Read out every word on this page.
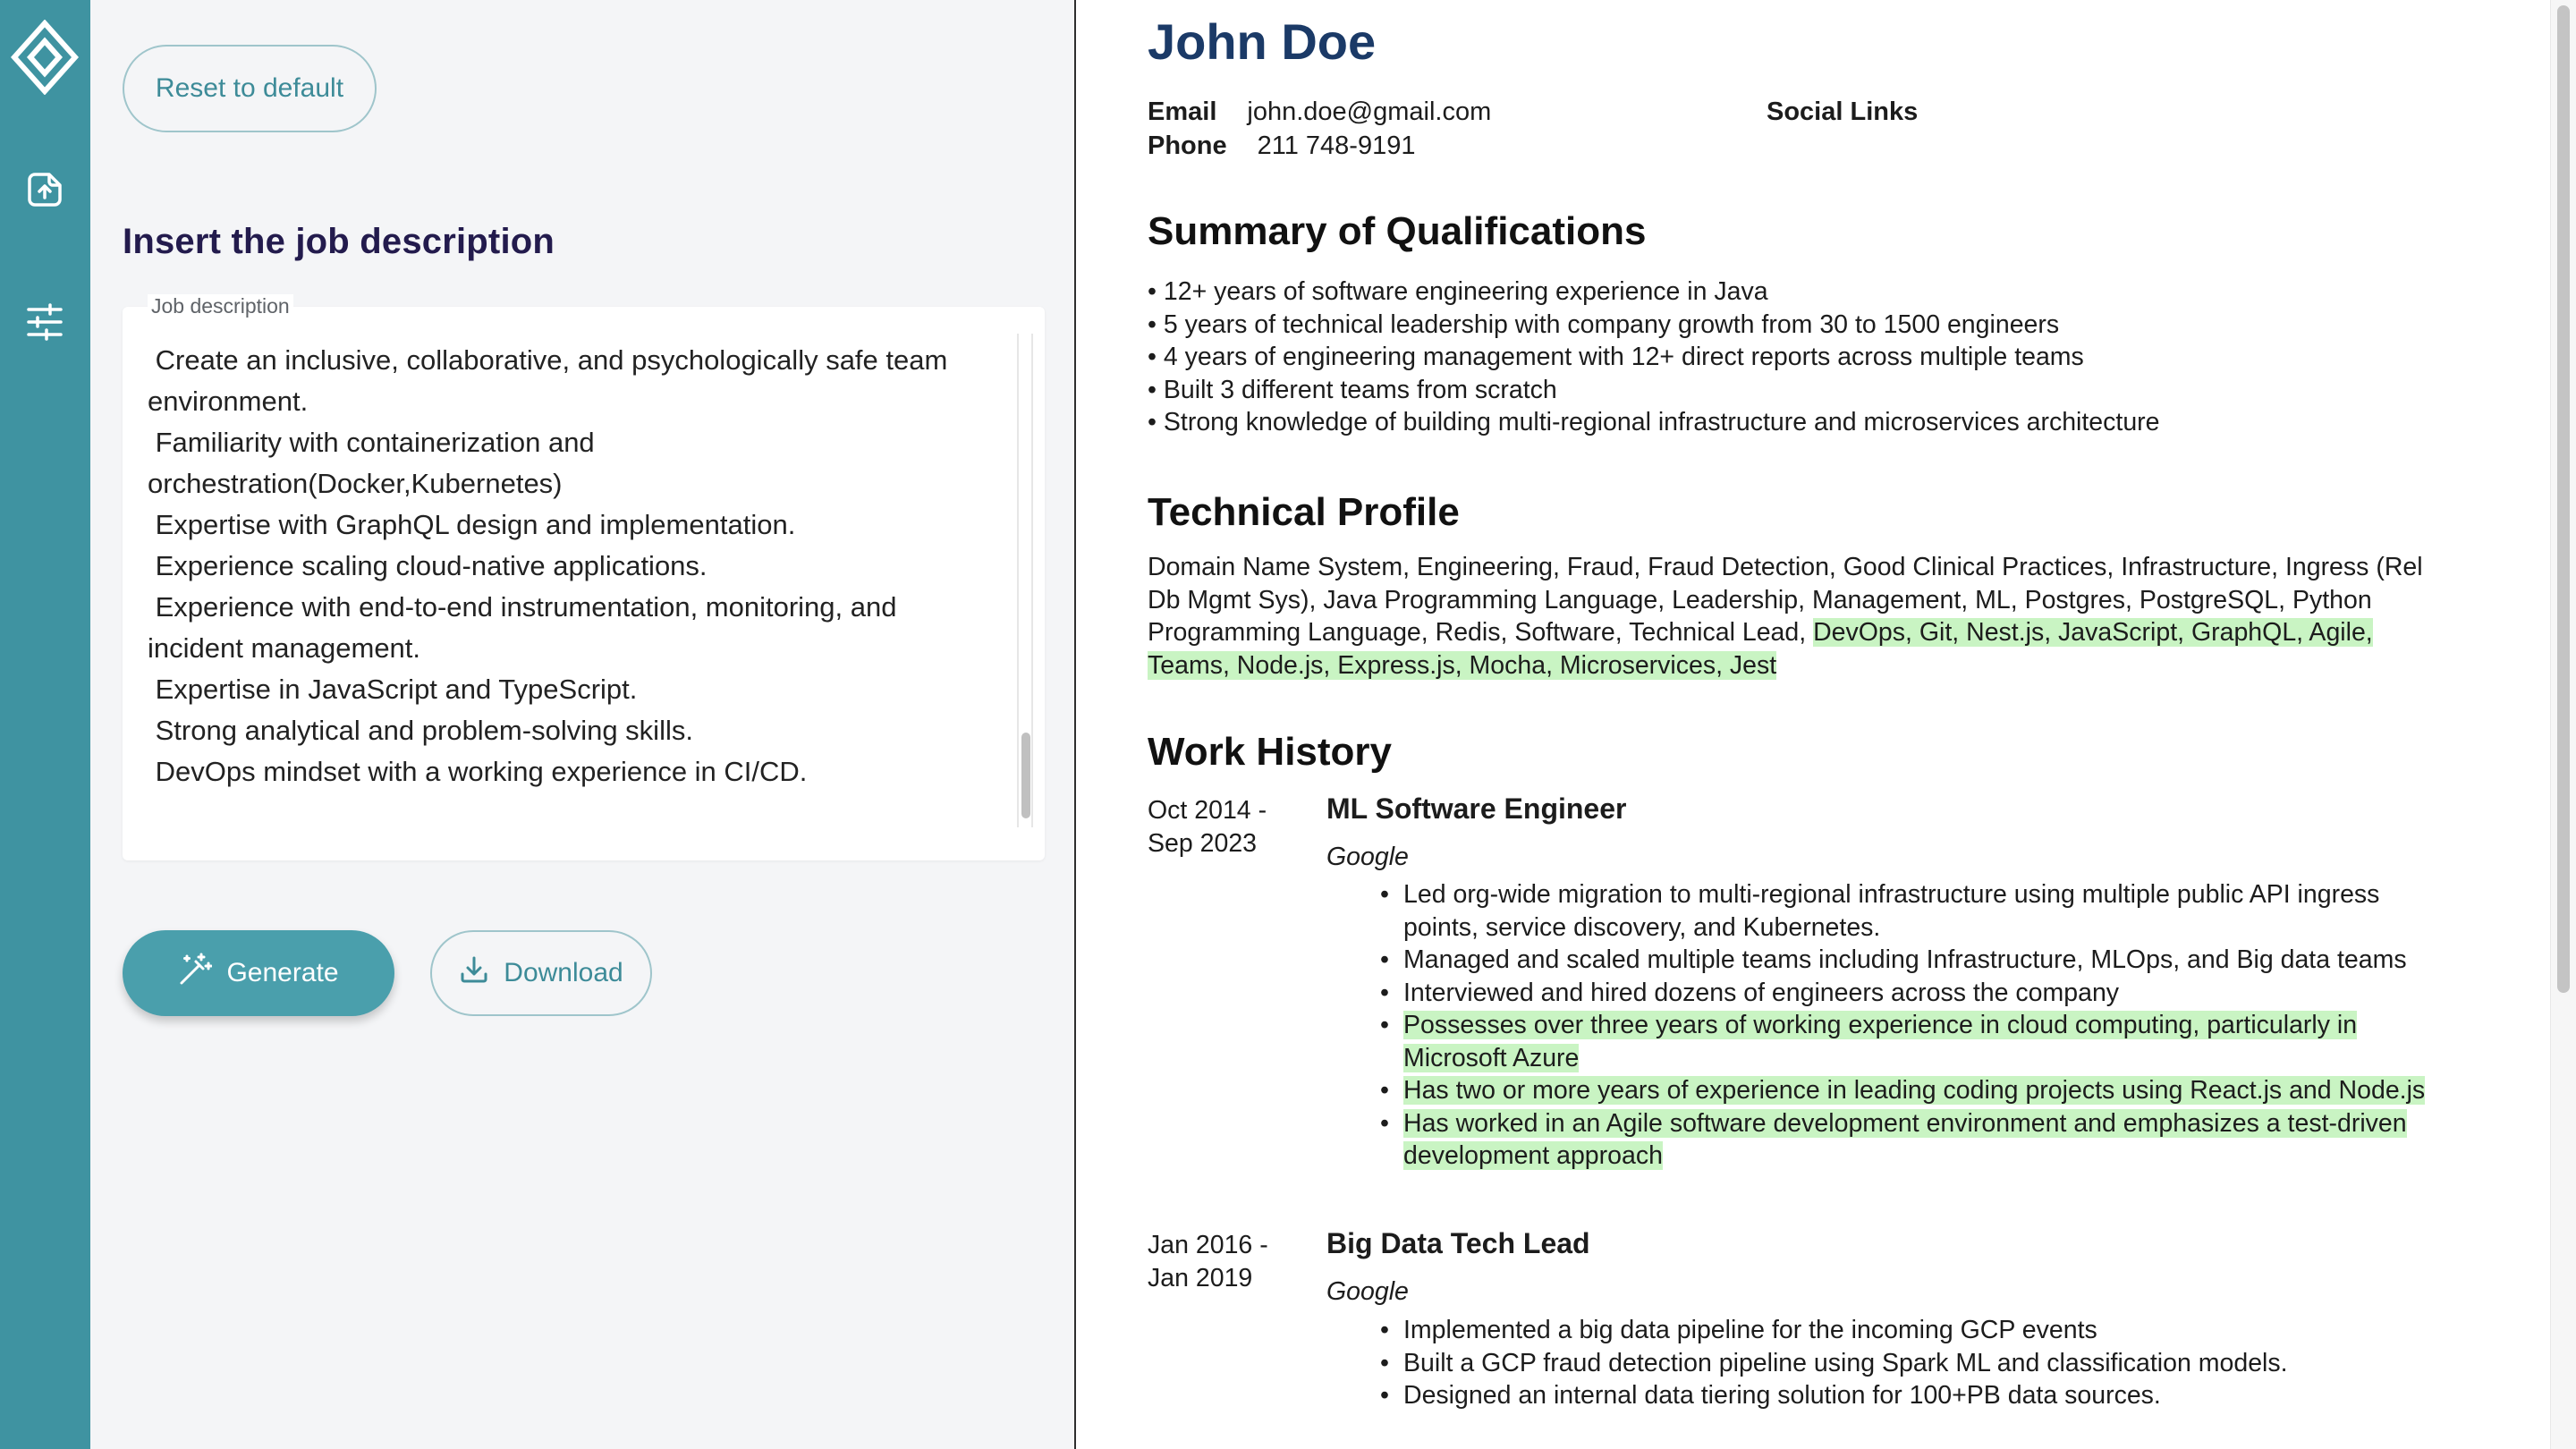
Reset to default
Insert the job description
Job description

Create an inclusive, collaborative, and psychologically safe team environment.

Familiarity with containerization and orchestration(Docker,Kubernetes)

Expertise with GraphQL design and implementation.

Experience scaling cloud-native applications.

Experience with end-to-end instrumentation, monitoring, and incident management.

Expertise in JavaScript and TypeScript.

Strong analytical and problem-solving skills.

DevOps mindset with a working experience in CI/CD.

Generate	Download
John Doe
Email john.doe@gmail.com
Phone 211 748-9191
Social Links
Summary of Qualifications
• 12+ years of software engineering experience in Java
• 5 years of technical leadership with company growth from 30 to 1500 engineers
• 4 years of engineering management with 12+ direct reports across multiple teams
• Built 3 different teams from scratch
• Strong knowledge of building multi-regional infrastructure and microservices architecture
Technical Profile
Domain Name System, Engineering, Fraud, Fraud Detection, Good Clinical Practices, Infrastructure, Ingress (Rel Db Mgmt Sys), Java Programming Language, Leadership, Management, ML, Postgres, PostgreSQL, Python Programming Language, Redis, Software, Technical Lead, DevOps, Git, Nest.js, JavaScript, GraphQL, Agile, Teams, Node.js, Express.js, Mocha, Microservices, Jest
Work History
Oct 2014 -
Sep 2023
ML Software Engineer
Google
• Led org-wide migration to multi-regional infrastructure using multiple public API ingress points, service discovery, and Kubernetes.
• Managed and scaled multiple teams including Infrastructure, MLOps, and Big data teams
• Interviewed and hired dozens of engineers across the company
• Possesses over three years of working experience in cloud computing, particularly in Microsoft Azure
• Has two or more years of experience in leading coding projects using React.js and Node.js
• Has worked in an Agile software development environment and emphasizes a test-driven development approach
Jan 2016 -
Jan 2019
Big Data Tech Lead
Google
• Implemented a big data pipeline for the incoming GCP events
• Built a GCP fraud detection pipeline using Spark ML and classification models.
• Designed an internal data tiering solution for 100+PB data sources.
